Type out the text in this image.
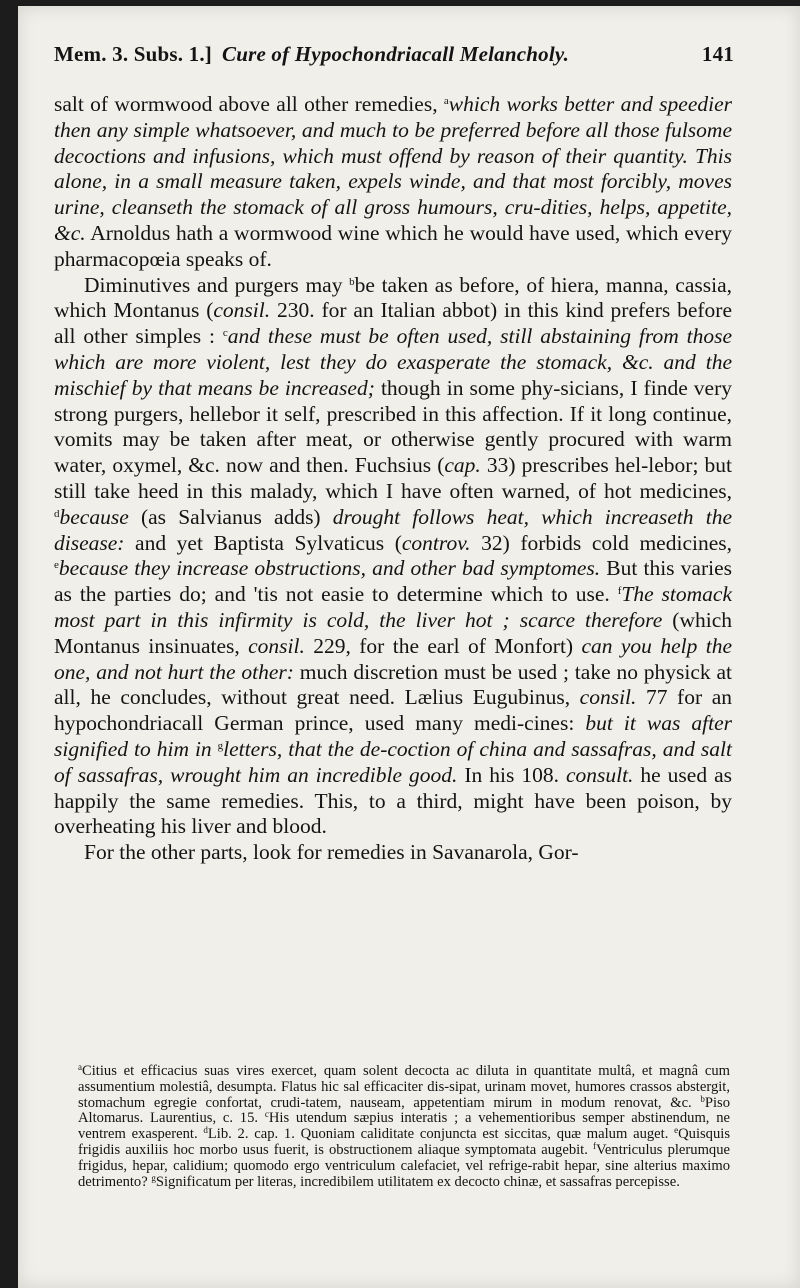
Mem. 3. Subs. 1.] Cure of Hypochondriacall Melancholy.	141

salt of wormwood above all other remedies, $^a$which works better and speedier then any simple whatsoever, and much to be preferred before all those fulsome decoctions and infusions, which must offend by reason of their quantity. This alone, in a small measure taken, expels winde, and that most forcibly, moves urine, cleanseth the stomack of all gross humours, cru-dities, helps, appetite, &c. Arnoldus hath a wormwood wine which he would have used, which every pharmacopœia speaks of.

Diminutives and purgers may $^b$be taken as before, of hiera, manna, cassia, which Montanus (consil. 230. for an Italian abbot) in this kind prefers before all other simples : $^c$and these must be often used, still abstaining from those which are more violent, lest they do exasperate the stomack, &c. and the mischief by that means be increased; though in some phy-sicians, I finde very strong purgers, hellebor it self, prescribed in this affection. If it long continue, vomits may be taken after meat, or otherwise gently procured with warm water, oxymel, &c. now and then. Fuchsius (cap. 33) prescribes hel-lebor; but still take heed in this malady, which I have often warned, of hot medicines, $^d$because (as Salvianus adds) drought follows heat, which increaseth the disease: and yet Baptista Sylvaticus (controv. 32) forbids cold medicines, $^e$because they increase obstructions, and other bad symptomes. But this varies as the parties do; and 'tis not easie to determine which to use. $^f$The stomack most part in this infirmity is cold, the liver hot ; scarce therefore (which Montanus insinuates, consil. 229, for the earl of Monfort) can you help the one, and not hurt the other: much discretion must be used ; take no physick at all, he concludes, without great need. Lælius Eugubinus, consil. 77 for an hypochondriacall German prince, used many medi-cines: but it was after signified to him in $^g$letters, that the de-coction of china and sassafras, and salt of sassafras, wrought him an incredible good. In his 108. consult. he used as happily the same remedies. This, to a third, might have been poison, by overheating his liver and blood.

For the other parts, look for remedies in Savanarola, Gor-

$^a$Citius et efficacius suas vires exercet, quam solent decocta ac diluta in quantitate multâ, et magnâ cum assumentium molestiâ, desumpta. Flatus hic sal efficaciter dis-sipat, urinam movet, humores crassos abstergit, stomachum egregie confortat, crudi-tatem, nauseam, appetentiam mirum in modum renovat, &c. $^b$Piso Altomarus. Laurentius, c. 15. $^c$His utendum sæpius interatis ; a vehementioribus semper abstinendum, ne ventrem exasperent. $^d$Lib. 2. cap. 1. Quoniam caliditate conjuncta est siccitas, quæ malum auget. $^e$Quisquis frigidis auxiliis hoc morbo usus fuerit, is obstructionem aliaque symptomata augebit. $^f$Ventriculus plerumque frigidus, hepar, calidium; quomodo ergo ventriculum calefaciet, vel refrige-rabit hepar, sine alterius maximo detrimento? $^g$Significatum per literas, incredibilem utilitatem ex decocto chinæ, et sassafras percepisse.
